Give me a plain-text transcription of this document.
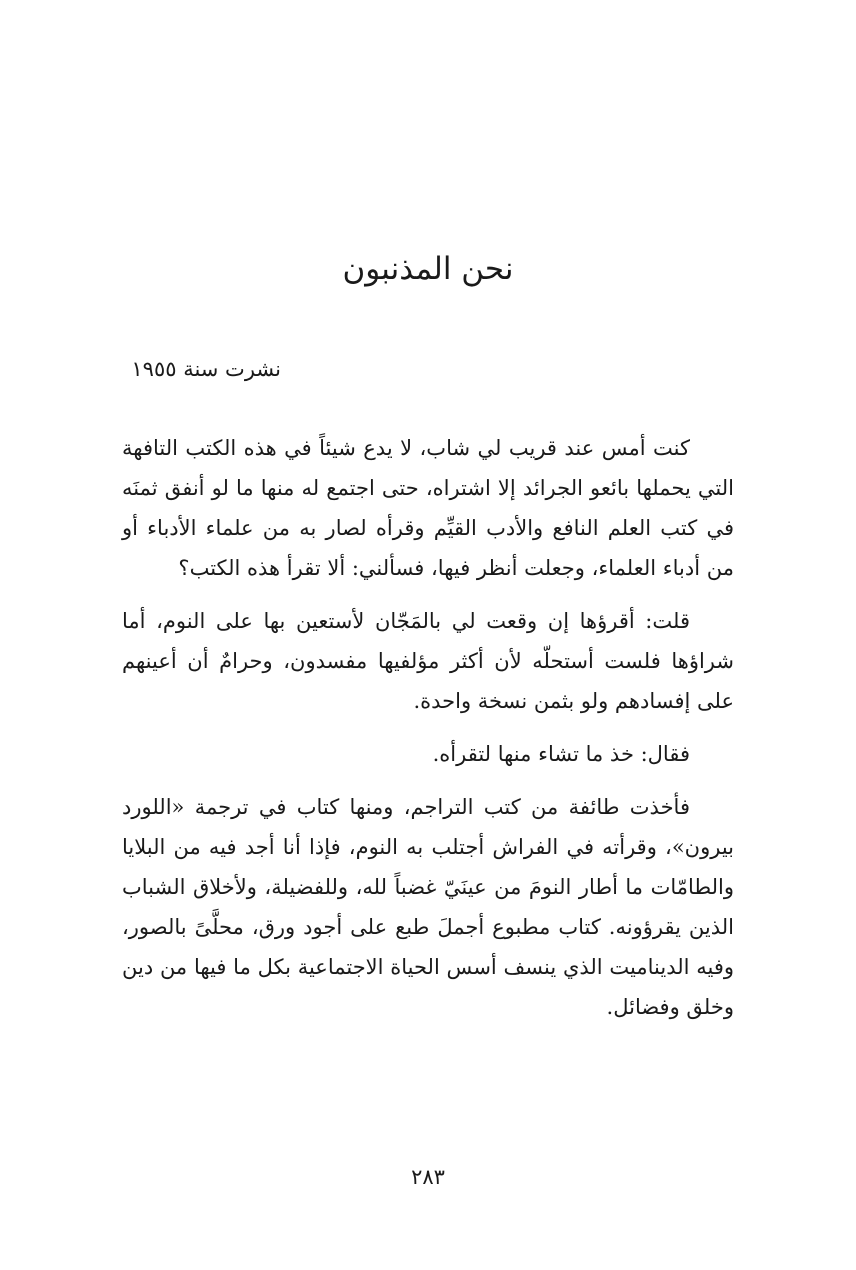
نحن المذنبون

نشرت سنة ١٩٥٥

كنت أمس عند قريب لي شاب، لا يدع شيئاً في هذه الكتب التافهة التي يحملها بائعو الجرائد إلا اشتراه، حتى اجتمع له منها ما لو أنفق ثمنَه في كتب العلم النافع والأدب القيِّم وقرأه لصار به من علماء الأدباء أو من أدباء العلماء، وجعلت أنظر فيها، فسألني: ألا تقرأ هذه الكتب؟

قلت: أقرؤها إن وقعت لي بالمَجّان لأستعين بها على النوم، أما شراؤها فلست أستحلّه لأن أكثر مؤلفيها مفسدون، وحرامٌ أن أعينهم على إفسادهم ولو بثمن نسخة واحدة.

فقال: خذ ما تشاء منها لتقرأه.

فأخذت طائفة من كتب التراجم، ومنها كتاب في ترجمة «اللورد بيرون»، وقرأته في الفراش أجتلب به النوم، فإذا أنا أجد فيه من البلايا والطامّات ما أطار النومَ من عينَيّ غضباً لله، وللفضيلة، ولأخلاق الشباب الذين يقرؤونه. كتاب مطبوع أجملَ طبع على أجود ورق، محلَّىً بالصور، وفيه الديناميت الذي ينسف أسس الحياة الاجتماعية بكل ما فيها من دين وخلق وفضائل.

٢٨٣
